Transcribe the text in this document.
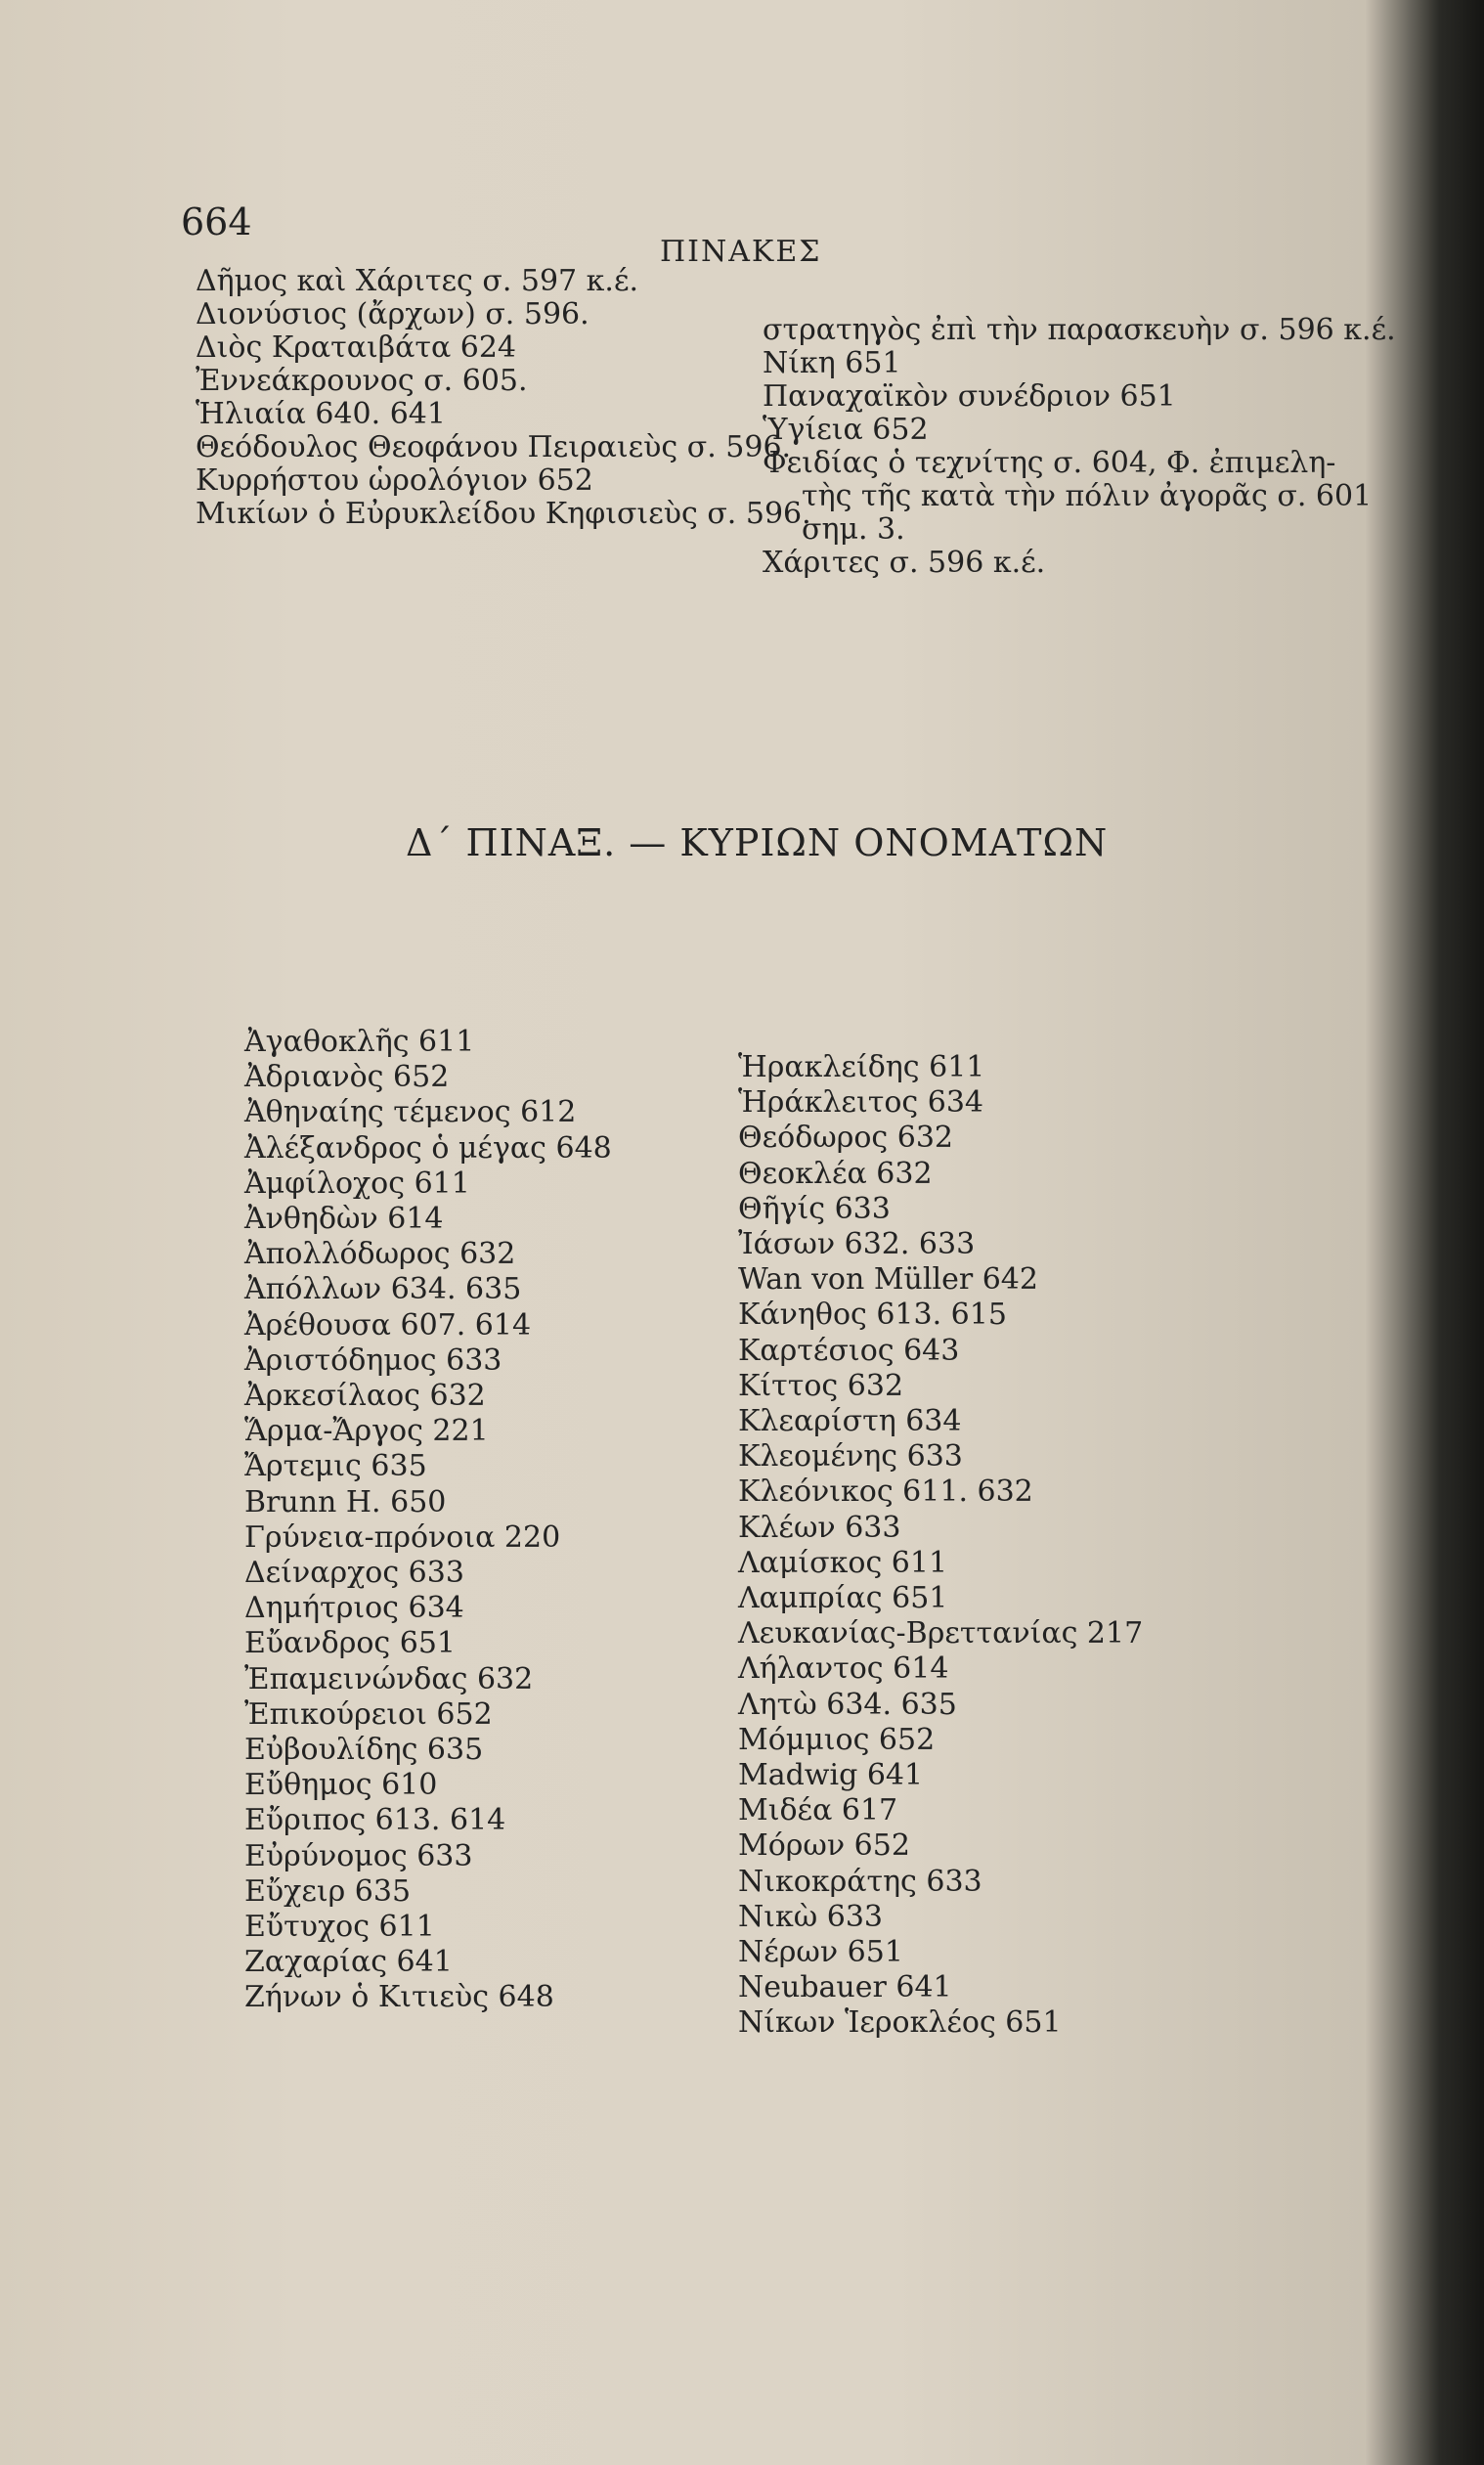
664
ΠΙΝΑΚΕΣ
Δῆμος καὶ Χάριτες σ. 597 κ.έ.
Διονύσιος (ἄρχων) σ. 596.
Διὸς Κραταιβάτα 624
Ἐννεάκρουνος σ. 605.
Ἡλιαία 640. 641
Θεόδουλος Θεοφάνου Πειραιεὺς σ. 596.
Κυρρήστου ὡρολόγιον 652
Μικίων ὁ Εὐρυκλείδου Κηφισιεὺς σ. 596.
στρατηγὸς ἐπὶ τὴν παρασκευὴν σ. 596 κ.έ.
Νίκη 651
Παναχαϊκὸν συνέδριον 651
Ὑγίεια 652
Φειδίας ὁ τεχνίτης σ. 604, Φ. ἐπιμελη-
τὴς τῆς κατὰ τὴν πόλιν ἀγορᾶς σ. 601
σημ. 3.
Χάριτες σ. 596 κ.έ.
Δ΄ ΠΙΝΑΞ. — ΚΥΡΙΩΝ ΟΝΟΜΑΤΩΝ
Ἀγαθοκλῆς 611
Ἀδριανὸς 652
Ἀθηναίης τέμενος 612
Ἀλέξανδρος ὁ μέγας 648
Ἀμφίλοχος 611
Ἀνθηδὼν 614
Ἀπολλόδωρος 632
Ἀπόλλων 634. 635
Ἀρέθουσα 607. 614
Ἀριστόδημος 633
Ἀρκεσίλαος 632
Ἅρμα-Ἄργος 221
Ἄρτεμις 635
Brunn H. 650
Γρύνεια-πρόνοια 220
Δείναρχος 633
Δημήτριος 634
Εὔανδρος 651
Ἐπαμεινώνδας 632
Ἐπικούρειοι 652
Εὐβουλίδης 635
Εὔθημος 610
Εὔριπος 613. 614
Εὐρύνομος 633
Εὔχειρ 635
Εὔτυχος 611
Ζαχαρίας 641
Ζήνων ὁ Κιτιεὺς 648
Ἡρακλείδης 611
Ἡράκλειτος 634
Θεόδωρος 632
Θεοκλέα 632
Θῆγίς 633
Ἰάσων 632. 633
Wan von Müller 642
Κάνηθος 613. 615
Καρτέσιος 643
Κίττος 632
Κλεαρίστη 634
Κλεομένης 633
Κλεόνικος 611. 632
Κλέων 633
Λαμίσκος 611
Λαμπρίας 651
Λευκανίας-Βρεττανίας 217
Λήλαντος 614
Λητὼ 634. 635
Μόμμιος 652
Madwig 641
Μιδέα 617
Μόρων 652
Νικοκράτης 633
Νικὼ 633
Νέρων 651
Neubauer 641
Νίκων Ἱεροκλέος 651
